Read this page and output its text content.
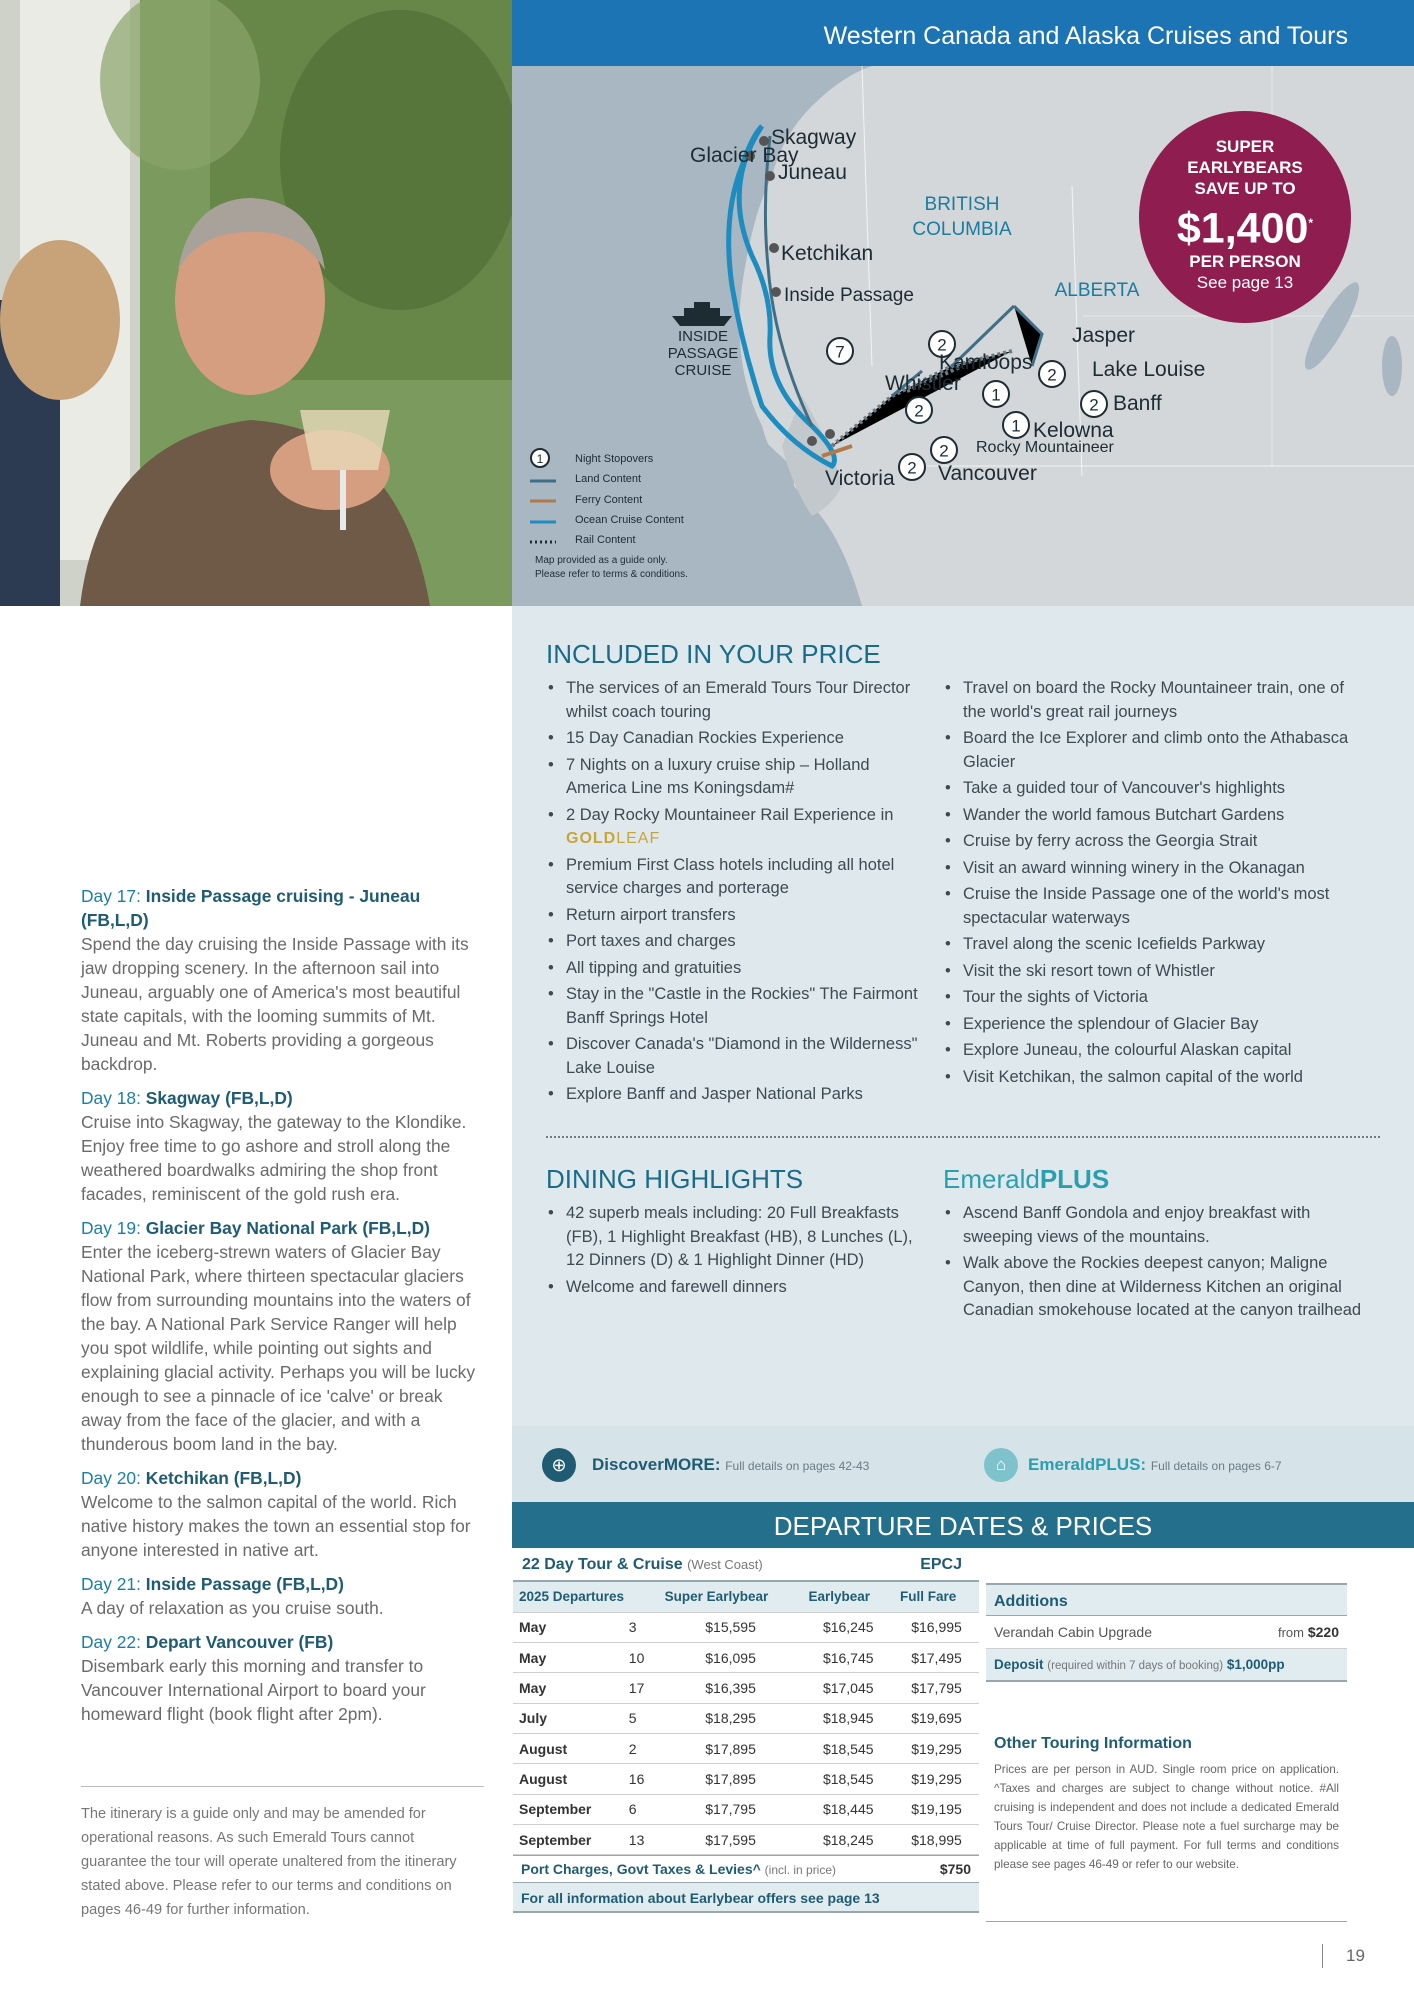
Western Canada and Alaska Cruises and Tours
7	2
2
1
2
2
1
2
2
1
Glacier Bay
Skagway
Juneau
Ketchikan
Inside Passage
Kamloops
Whistler
Jasper
Lake Louise
Banff
Kelowna
Rocky Mountaineer
Vancouver
Victoria
BRITISH
COLUMBIA
ALBERTA
INSIDE
PASSAGE
CRUISE
Night Stopovers
Land Content
Ferry Content
Ocean Cruise Content
Rail Content
Map provided as a guide only.
Please refer to terms & conditions.
SUPER
EARLYBEARS
SAVE UP TO
$1,400*
PER PERSON
See page 13
INCLUDED IN YOUR PRICE
• The services of an Emerald Tours Tour Director whilst coach touring
• 15 Day Canadian Rockies Experience
• 7 Nights on a luxury cruise ship – Holland America Line ms Koningsdam#
• 2 Day Rocky Mountaineer Rail Experience in
GOLDLEAF
• Premium First Class hotels including all hotel service charges and porterage
• Return airport transfers
• Port taxes and charges
• All tipping and gratuities
• Stay in the "Castle in the Rockies" The Fairmont Banff Springs Hotel
• Discover Canada's "Diamond in the Wilderness" Lake Louise
• Explore Banff and Jasper National Parks
• Travel on board the Rocky Mountaineer train, one of the world's great rail journeys
• Board the Ice Explorer and climb onto the Athabasca Glacier
• Take a guided tour of Vancouver's highlights
• Wander the world famous Butchart Gardens
• Cruise by ferry across the Georgia Strait
• Visit an award winning winery in the Okanagan
• Cruise the Inside Passage one of the world's most spectacular waterways
• Travel along the scenic Icefields Parkway
• Visit the ski resort town of Whistler
• Tour the sights of Victoria
• Experience the splendour of Glacier Bay
• Explore Juneau, the colourful Alaskan capital
• Visit Ketchikan, the salmon capital of the world
DINING HIGHLIGHTS
• 42 superb meals including: 20 Full Breakfasts (FB), 1 Highlight Breakfast (HB), 8 Lunches (L), 12 Dinners (D) & 1 Highlight Dinner (HD)
• Welcome and farewell dinners
EmeraldPLUS
• Ascend Banff Gondola and enjoy breakfast with sweeping views of the mountains.
• Walk above the Rockies deepest canyon; Maligne Canyon, then dine at Wilderness Kitchen an original Canadian smokehouse located at the canyon trailhead
⊕	DiscoverMORE: Full details on pages 42-43	⌂	EmeraldPLUS: Full details on pages 6-7

Day 17: Inside Passage cruising - Juneau
(FB,L,D)

Spend the day cruising the Inside Passage with its jaw dropping scenery. In the afternoon sail into Juneau, arguably one of America's most beautiful state capitals, with the looming summits of Mt. Juneau and Mt. Roberts providing a gorgeous backdrop.

Day 18: Skagway (FB,L,D)

Cruise into Skagway, the gateway to the Klondike. Enjoy free time to go ashore and stroll along the weathered boardwalks admiring the shop front facades, reminiscent of the gold rush era.

Day 19: Glacier Bay National Park (FB,L,D)

Enter the iceberg-strewn waters of Glacier Bay National Park, where thirteen spectacular glaciers flow from surrounding mountains into the waters of the bay. A National Park Service Ranger will help you spot wildlife, while pointing out sights and explaining glacial activity. Perhaps you will be lucky enough to see a pinnacle of ice 'calve' or break away from the face of the glacier, and with a thunderous boom land in the bay.

Day 20: Ketchikan (FB,L,D)

Welcome to the salmon capital of the world. Rich native history makes the town an essential stop for anyone interested in native art.

Day 21: Inside Passage (FB,L,D)

A day of relaxation as you cruise south.

Day 22: Depart Vancouver (FB)

Disembark early this morning and transfer to Vancouver International Airport to board your homeward flight (book flight after 2pm).

The itinerary is a guide only and may be amended for operational reasons. As such Emerald Tours cannot guarantee the tour will operate unaltered from the itinerary stated above. Please refer to our terms and conditions on pages 46-49 for further information.
DEPARTURE DATES & PRICES
22 Day Tour & Cruise (West Coast)	EPCJ
2025 Departures		Super Earlybear	Earlybear	Full Fare
May	3	$15,595	$16,245	$16,995
May	10	$16,095	$16,745	$17,495
May	17	$16,395	$17,045	$17,795
July	5	$18,295	$18,945	$19,695
August	2	$17,895	$18,545	$19,295
August	16	$17,895	$18,545	$19,295
September	6	$17,795	$18,445	$19,195
September	13	$17,595	$18,245	$18,995
Port Charges, Govt Taxes & Levies^ (incl. in price)	$750
For all information about Earlybear offers see page 13
Additions
Verandah Cabin Upgrade	from $220
Deposit (required within 7 days of booking) $1,000pp
Other Touring Information
Prices are per person in AUD. Single room price on application. ^Taxes and charges are subject to change without notice. #All cruising is independent and does not include a dedicated Emerald Tours Tour/ Cruise Director. Please note a fuel surcharge may be applicable at time of full payment. For full terms and conditions please see pages 46-49 or refer to our website.
19
